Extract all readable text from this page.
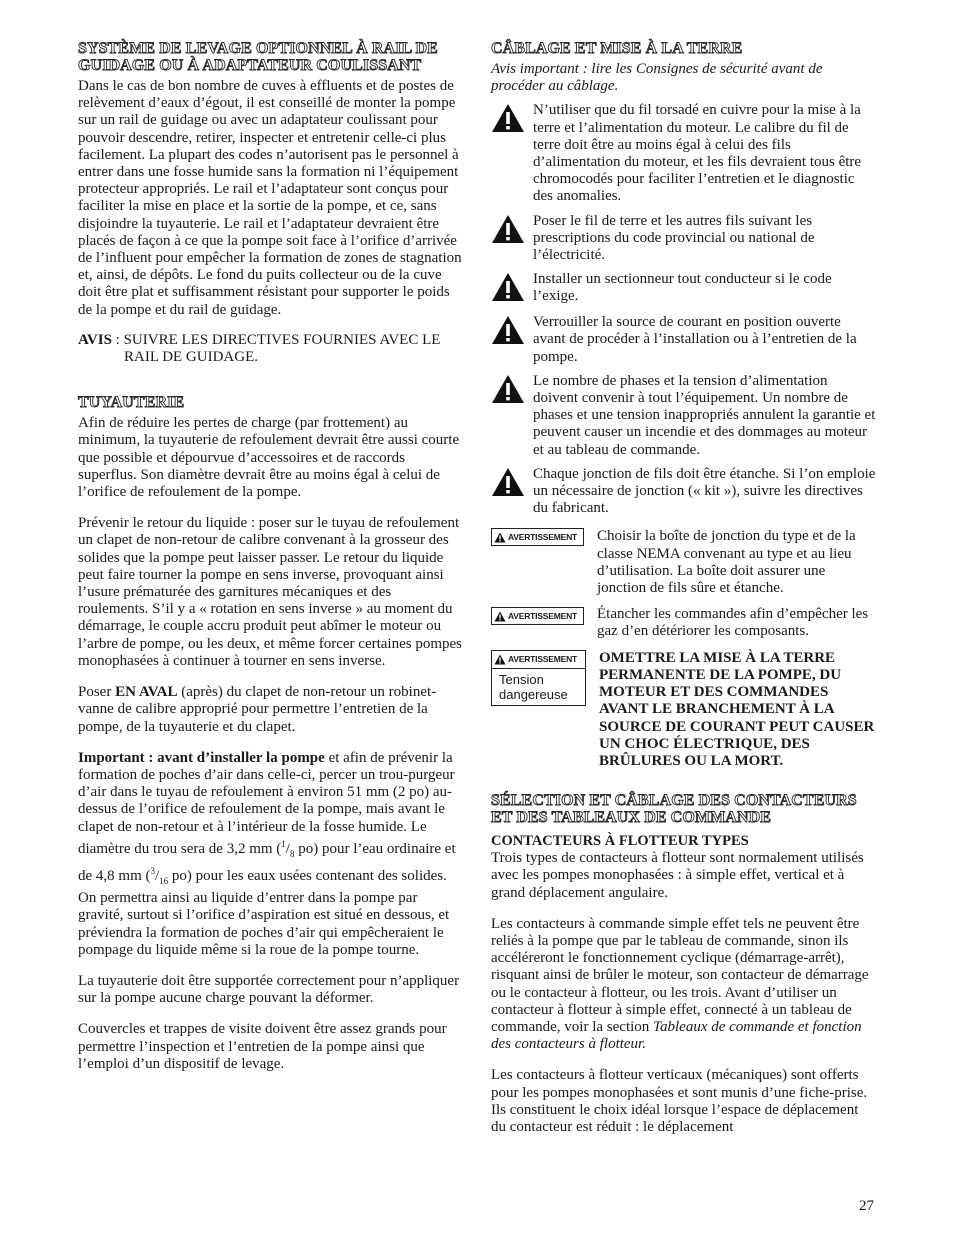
SYSTÈME DE LEVAGE OPTIONNEL À RAIL DE GUIDAGE OU À ADAPTATEUR COULISSANT

Dans le cas de bon nombre de cuves à effluents et de postes de relèvement d’eaux d’égout, il est conseillé de monter la pompe sur un rail de guidage ou avec un adaptateur coulissant pour pouvoir descendre, retirer, inspecter et entretenir celle-ci plus facilement. La plupart des codes n’autorisent pas le personnel à entrer dans une fosse humide sans la formation ni l’équipement protecteur appropriés. Le rail et l’adaptateur sont conçus pour faciliter la mise en place et la sortie de la pompe, et ce, sans disjoindre la tuyauterie. Le rail et l’adaptateur devraient être placés de façon à ce que la pompe soit face à l’orifice d’arrivée de l’influent pour empêcher la formation de zones de stagnation et, ainsi, de dépôts. Le fond du puits collecteur ou de la cuve doit être plat et suffisamment résistant pour supporter le poids de la pompe et du rail de guidage.

AVIS : SUIVRE LES DIRECTIVES FOURNIES AVEC LE
RAIL DE GUIDAGE.
TUYAUTERIE

Afin de réduire les pertes de charge (par frottement) au minimum, la tuyauterie de refoulement devrait être aussi courte que possible et dépourvue d’accessoires et de raccords superflus. Son diamètre devrait être au moins égal à celui de l’orifice de refoulement de la pompe.

Prévenir le retour du liquide : poser sur le tuyau de refoulement un clapet de non-retour de calibre convenant à la grosseur des solides que la pompe peut laisser passer. Le retour du liquide peut faire tourner la pompe en sens inverse, provoquant ainsi l’usure prématurée des garnitures mécaniques et des roulements. S’il y a « rotation en sens inverse » au moment du démarrage, le couple accru produit peut abîmer le moteur ou l’arbre de pompe, ou les deux, et même forcer certaines pompes monophasées à continuer à tourner en sens inverse.

Poser EN AVAL (après) du clapet de non-retour un robinet-vanne de calibre approprié pour permettre l’entretien de la pompe, de la tuyauterie et du clapet.

Important : avant d’installer la pompe et afin de prévenir la formation de poches d’air dans celle-ci, percer un trou-purgeur d’air dans le tuyau de refoulement à environ 51 mm (2 po) au-dessus de l’orifice de refoulement de la pompe, mais avant le clapet de non-retour et à l’intérieur de la fosse humide. Le diamètre du trou sera de 3,2 mm ($^1/_8$ po) pour l’eau ordinaire et de 4,8 mm ($^3/_{16}$ po) pour les eaux usées contenant des solides. On permettra ainsi au liquide d’entrer dans la pompe par gravité, surtout si l’orifice d’aspiration est situé en dessous, et préviendra la formation de poches d’air qui empêcheraient le pompage du liquide même si la roue de la pompe tourne.

La tuyauterie doit être supportée correctement pour n’appliquer sur la pompe aucune charge pouvant la déformer.

Couvercles et trappes de visite doivent être assez grands pour permettre l’inspection et l’entretien de la pompe ainsi que l’emploi d’un dispositif de levage.

CÂBLAGE ET MISE À LA TERRE

Avis important : lire les Consignes de sécurité avant de procéder au câblage.

N’utiliser que du fil torsadé en cuivre pour la mise à la terre et l’alimentation du moteur. Le calibre du fil de terre doit être au moins égal à celui des fils d’alimentation du moteur, et les fils devraient tous être chromocodés pour faciliter l’entretien et le diagnostic des anomalies.
Poser le fil de terre et les autres fils suivant les prescriptions du code provincial ou national de l’électricité.
Installer un sectionneur tout conducteur si le code l’exige.
Verrouiller la source de courant en position ouverte avant de procéder à l’installation ou à l’entretien de la pompe.
Le nombre de phases et la tension d’alimentation doivent convenir à tout l’équipement. Un nombre de phases et une tension inappropriés annulent la garantie et peuvent causer un incendie et des dommages au moteur et au tableau de commande.
Chaque jonction de fils doit être étanche. Si l’on emploie un nécessaire de jonction (« kit »), suivre les directives du fabricant.
AVERTISSEMENT Choisir la boîte de jonction du type et de la classe NEMA convenant au type et au lieu d’utilisation. La boîte doit assurer une jonction de fils sûre et étanche.
AVERTISSEMENT Étancher les commandes afin d’empêcher les gaz d’en détériorer les composants.
AVERTISSEMENT
Tension dangereuse
OMETTRE LA MISE À LA TERRE PERMANENTE DE LA POMPE, DU MOTEUR ET DES COMMANDES AVANT LE BRANCHEMENT À LA SOURCE DE COURANT PEUT CAUSER UN CHOC ÉLECTRIQUE, DES BRÛLURES OU LA MORT.
SÉLECTION ET CÂBLAGE DES CONTACTEURS ET DES TABLEAUX DE COMMANDE

CONTACTEURS À FLOTTEUR TYPES

Trois types de contacteurs à flotteur sont normalement utilisés avec les pompes monophasées : à simple effet, vertical et à grand déplacement angulaire.

Les contacteurs à commande simple effet tels ne peuvent être reliés à la pompe que par le tableau de commande, sinon ils accéléreront le fonctionnement cyclique (démarrage-arrêt), risquant ainsi de brûler le moteur, son contacteur de démarrage ou le contacteur à flotteur, ou les trois. Avant d’utiliser un contacteur à flotteur à simple effet, connecté à un tableau de commande, voir la section Tableaux de commande et fonction des contacteurs à flotteur.

Les contacteurs à flotteur verticaux (mécaniques) sont offerts pour les pompes monophasées et sont munis d’une fiche-prise. Ils constituent le choix idéal lorsque l’espace de déplacement du contacteur est réduit : le déplacement

27
